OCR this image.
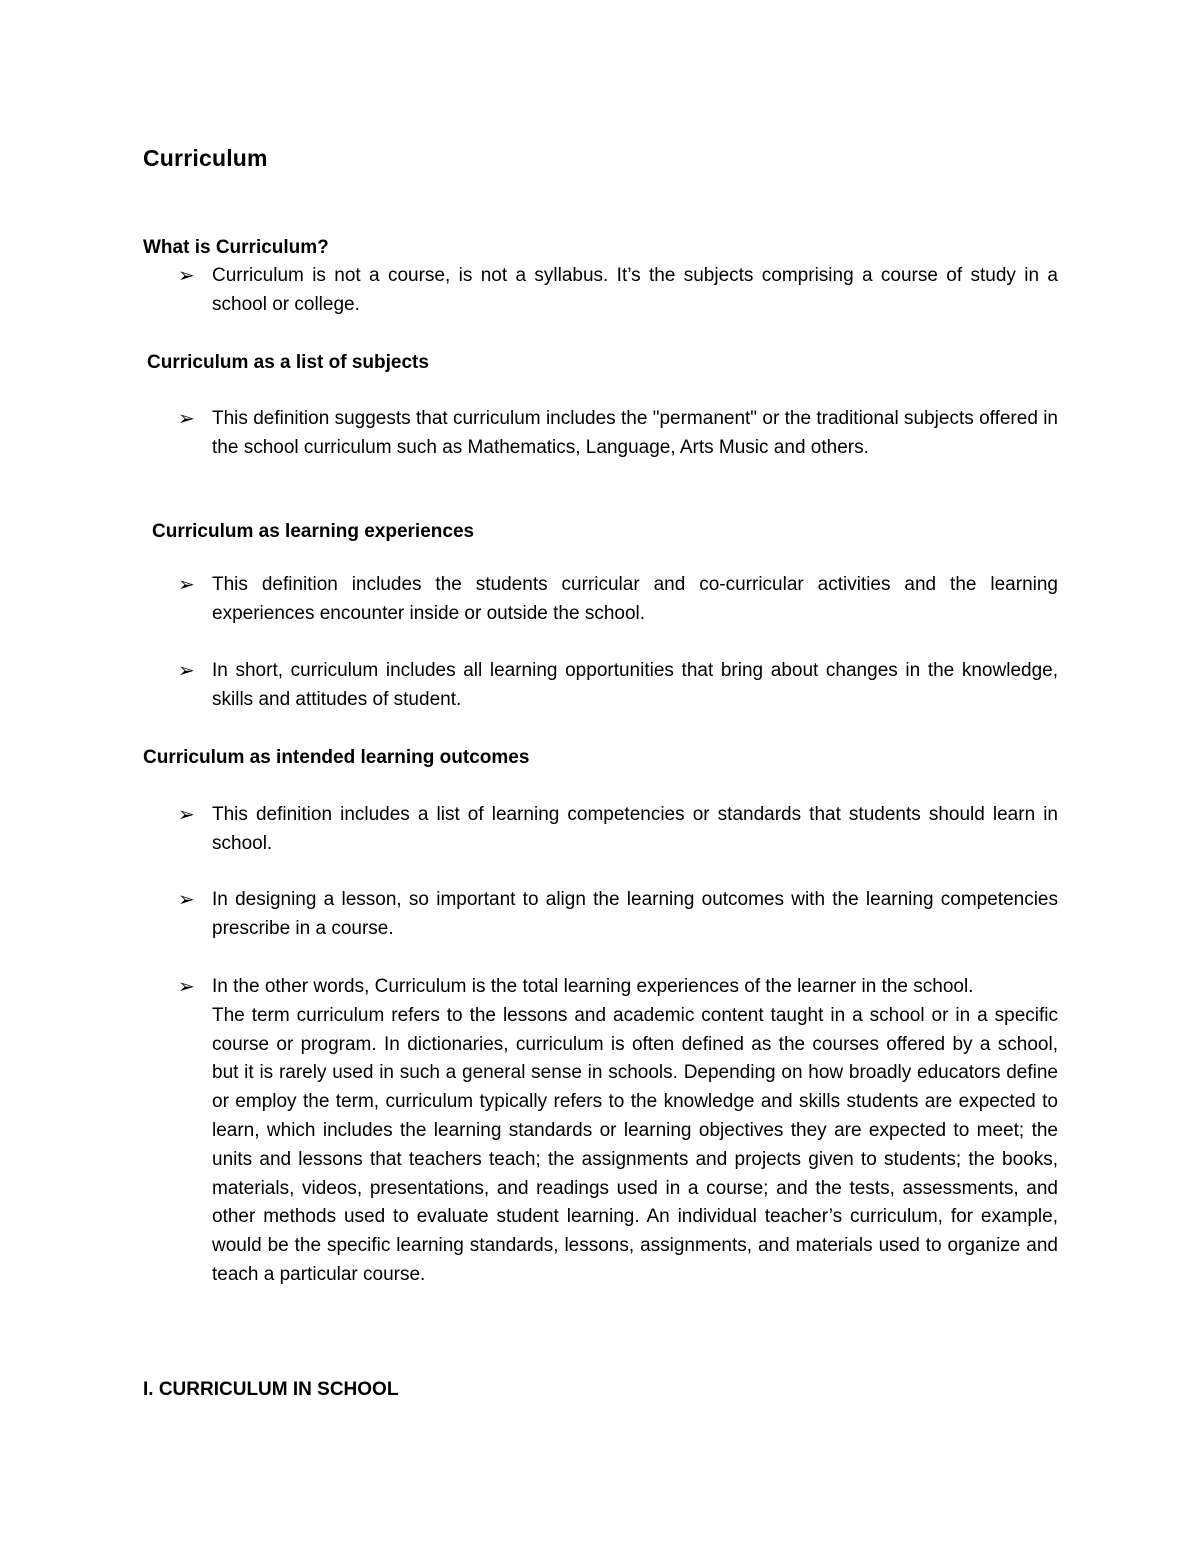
Curriculum
What is Curriculum?
➢ Curriculum is not a course, is not a syllabus. It’s the subjects comprising a course of study in a school or college.
Curriculum as a list of subjects
➢ This definition suggests that curriculum includes the "permanent" or the traditional subjects offered in the school curriculum such as Mathematics, Language, Arts Music and others.
Curriculum as learning experiences
➢ This definition includes the students curricular and co-curricular activities and the learning experiences encounter inside or outside the school.
➢ In short, curriculum includes all learning opportunities that bring about changes in the knowledge, skills and attitudes of student.
Curriculum as intended learning outcomes
➢ This definition includes a list of learning competencies or standards that students should learn in school.
➢ In designing a lesson, so important to align the learning outcomes with the learning competencies prescribe in a course.
➢ In the other words, Curriculum is the total learning experiences of the learner in the school.
The term curriculum refers to the lessons and academic content taught in a school or in a specific course or program. In dictionaries, curriculum is often defined as the courses offered by a school, but it is rarely used in such a general sense in schools. Depending on how broadly educators define or employ the term, curriculum typically refers to the knowledge and skills students are expected to learn, which includes the learning standards or learning objectives they are expected to meet; the units and lessons that teachers teach; the assignments and projects given to students; the books, materials, videos, presentations, and readings used in a course; and the tests, assessments, and other methods used to evaluate student learning. An individual teacher’s curriculum, for example, would be the specific learning standards, lessons, assignments, and materials used to organize and teach a particular course.
I. CURRICULUM IN SCHOOL
